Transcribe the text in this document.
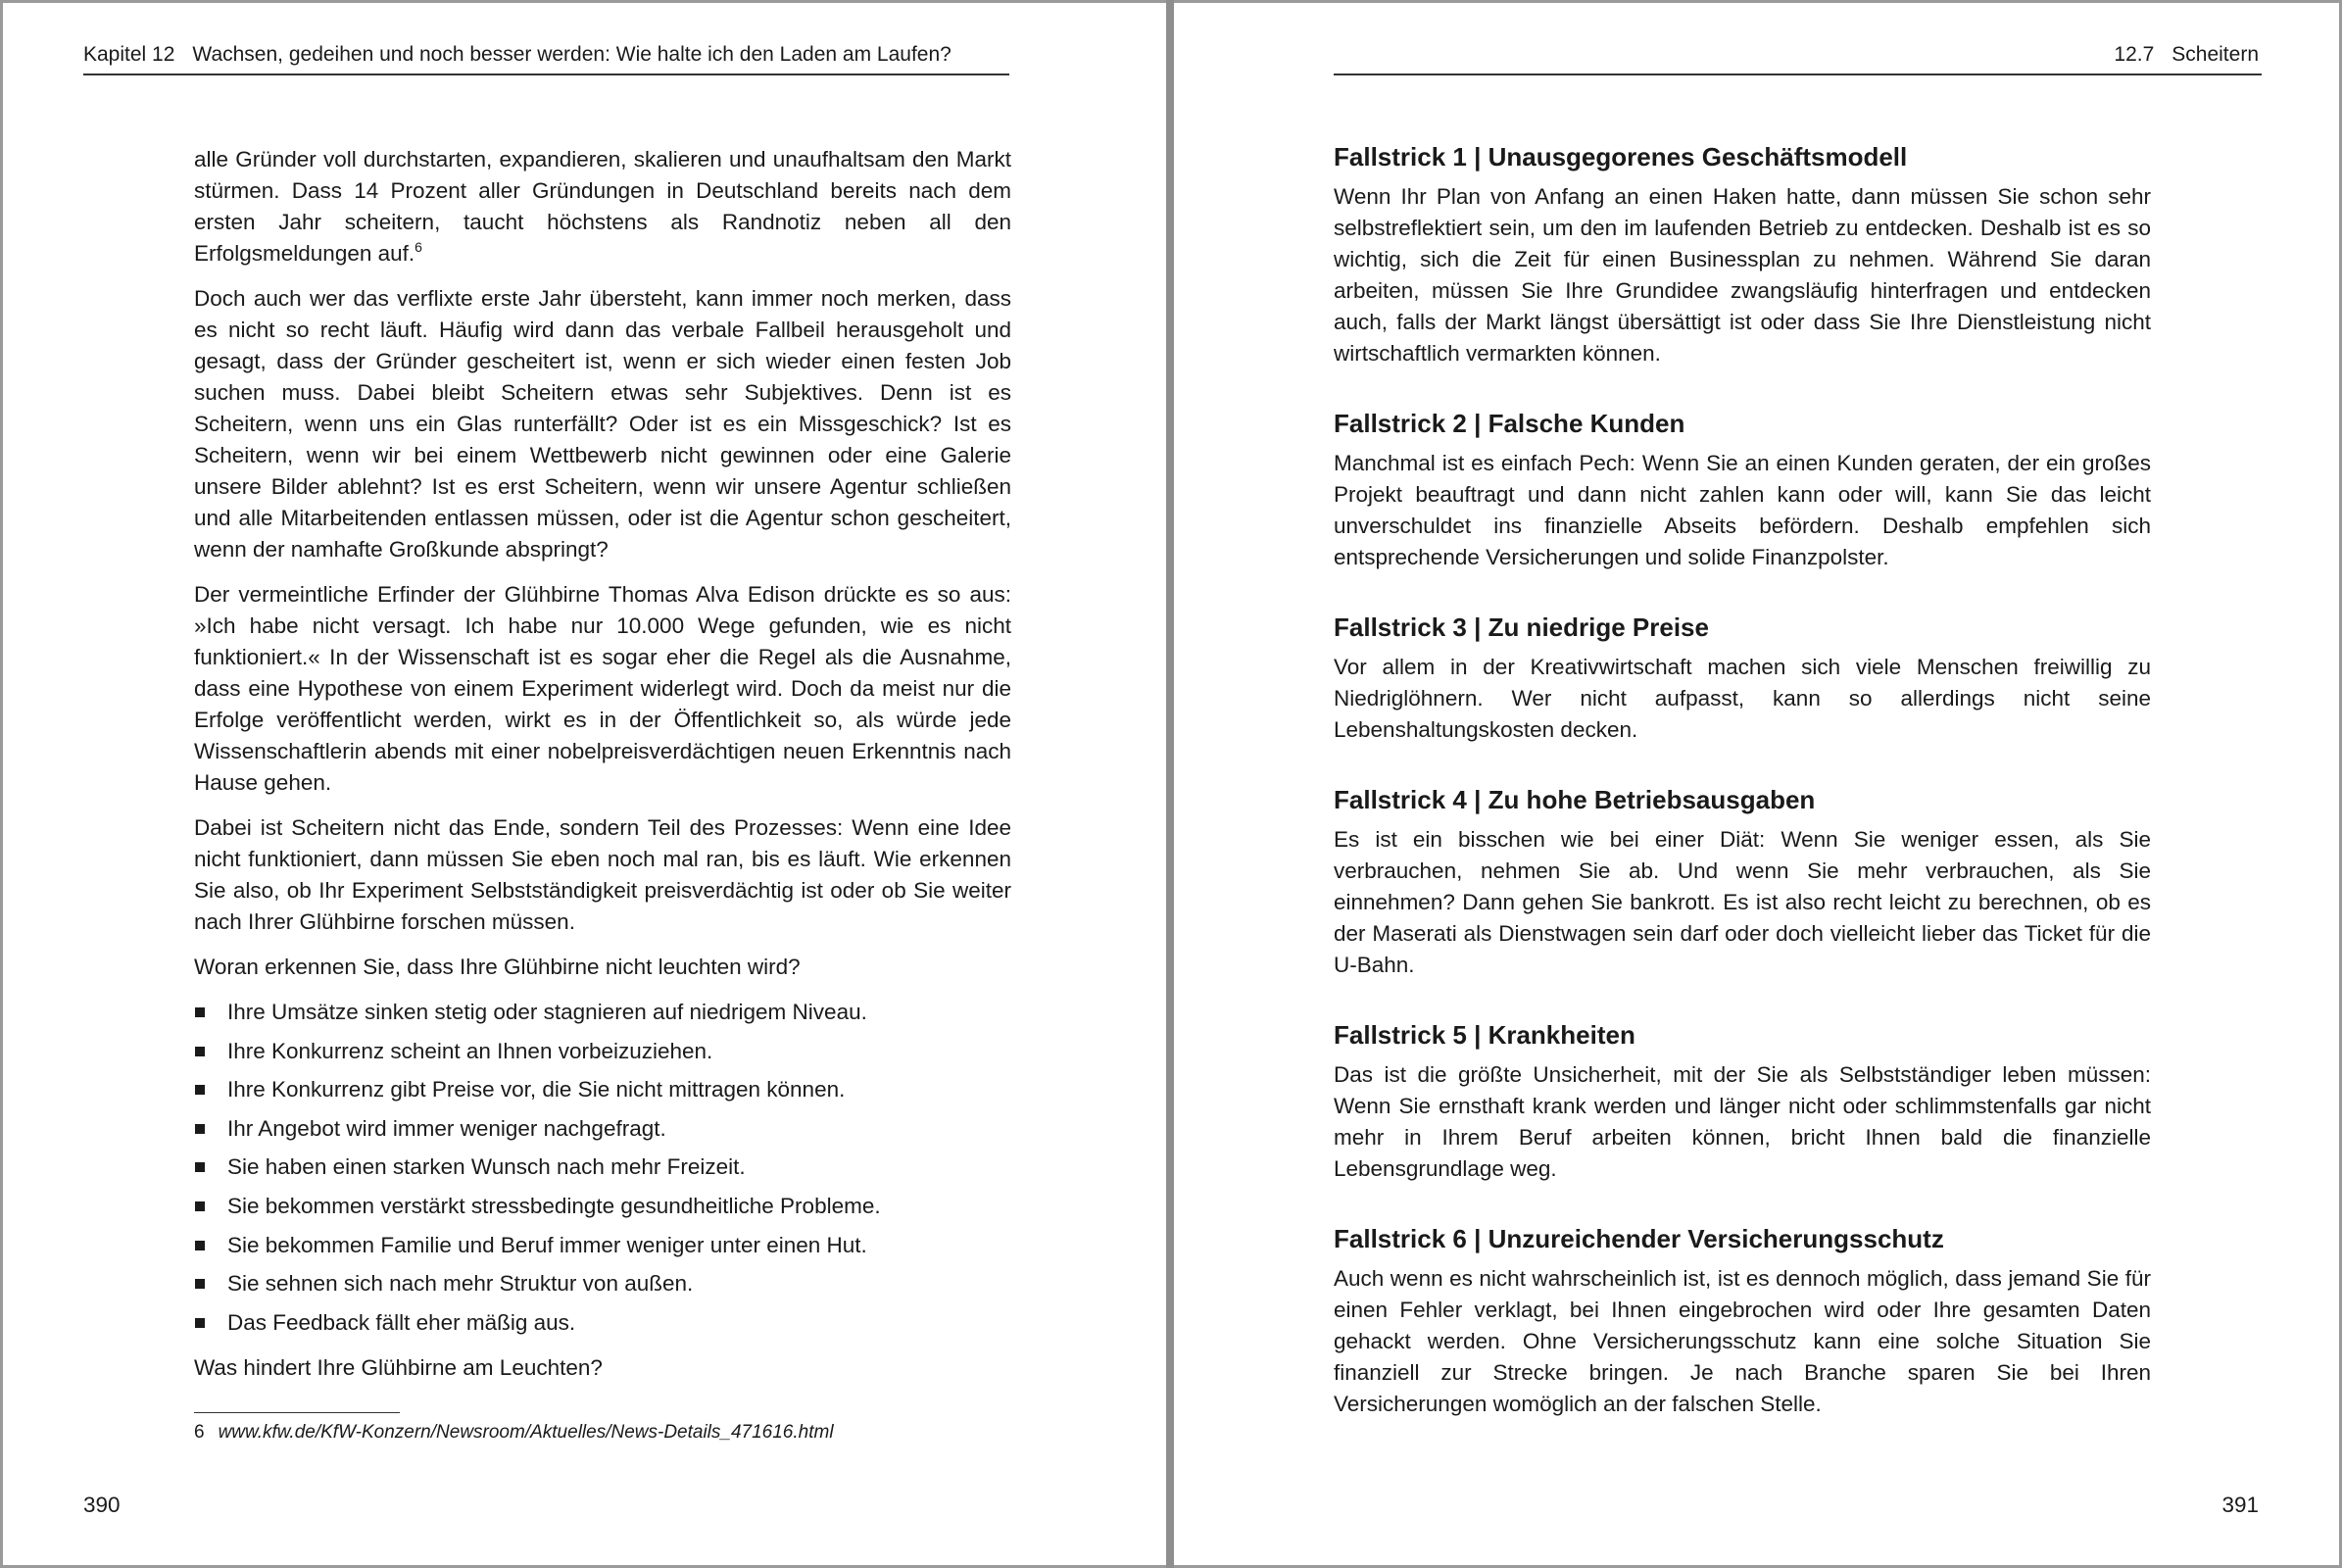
Kapitel 12 Wachsen, gedeihen und noch besser werden: Wie halte ich den Laden am Laufen?

alle Gründer voll durchstarten, expandieren, skalieren und unaufhaltsam den Markt stürmen. Dass 14 Prozent aller Gründungen in Deutschland bereits nach dem ersten Jahr scheitern, taucht höchstens als Randnotiz neben all den Erfolgsmeldungen auf.$^6$

Doch auch wer das verflixte erste Jahr übersteht, kann immer noch merken, dass es nicht so recht läuft. Häufig wird dann das verbale Fallbeil herausgeholt und gesagt, dass der Gründer gescheitert ist, wenn er sich wieder einen festen Job suchen muss. Dabei bleibt Scheitern etwas sehr Subjektives. Denn ist es Scheitern, wenn uns ein Glas runterfällt? Oder ist es ein Missgeschick? Ist es Scheitern, wenn wir bei einem Wettbewerb nicht gewinnen oder eine Galerie unsere Bilder ablehnt? Ist es erst Scheitern, wenn wir unsere Agentur schließen und alle Mitarbeitenden entlassen müssen, oder ist die Agentur schon gescheitert, wenn der namhafte Großkunde abspringt?

Der vermeintliche Erfinder der Glühbirne Thomas Alva Edison drückte es so aus: »Ich habe nicht versagt. Ich habe nur 10.000 Wege gefunden, wie es nicht funktioniert.« In der Wissenschaft ist es sogar eher die Regel als die Ausnahme, dass eine Hypothese von einem Experiment widerlegt wird. Doch da meist nur die Erfolge veröffentlicht werden, wirkt es in der Öffentlichkeit so, als würde jede Wissenschaftlerin abends mit einer nobelpreisverdächtigen neuen Erkenntnis nach Hause gehen.

Dabei ist Scheitern nicht das Ende, sondern Teil des Prozesses: Wenn eine Idee nicht funktioniert, dann müssen Sie eben noch mal ran, bis es läuft. Wie erkennen Sie also, ob Ihr Experiment Selbstständigkeit preisverdächtig ist oder ob Sie weiter nach Ihrer Glühbirne forschen müssen.

Woran erkennen Sie, dass Ihre Glühbirne nicht leuchten wird?

Ihre Umsätze sinken stetig oder stagnieren auf niedrigem Niveau.
Ihre Konkurrenz scheint an Ihnen vorbeizuziehen.
Ihre Konkurrenz gibt Preise vor, die Sie nicht mittragen können.
Ihr Angebot wird immer weniger nachgefragt.
Sie haben einen starken Wunsch nach mehr Freizeit.
Sie bekommen verstärkt stressbedingte gesundheitliche Probleme.
Sie bekommen Familie und Beruf immer weniger unter einen Hut.
Sie sehnen sich nach mehr Struktur von außen.
Das Feedback fällt eher mäßig aus.

Was hindert Ihre Glühbirne am Leuchten?

6 www.kfw.de/KfW-Konzern/Newsroom/Aktuelles/News-Details_471616.html
390
12.7 Scheitern
Fallstrick 1 | Unausgegorenes Geschäftsmodell

Wenn Ihr Plan von Anfang an einen Haken hatte, dann müssen Sie schon sehr selbstreflektiert sein, um den im laufenden Betrieb zu entdecken. Deshalb ist es so wichtig, sich die Zeit für einen Businessplan zu nehmen. Während Sie daran arbeiten, müssen Sie Ihre Grundidee zwangsläufig hinterfragen und entdecken auch, falls der Markt längst übersättigt ist oder dass Sie Ihre Dienstleistung nicht wirtschaftlich vermarkten können.

Fallstrick 2 | Falsche Kunden

Manchmal ist es einfach Pech: Wenn Sie an einen Kunden geraten, der ein großes Projekt beauftragt und dann nicht zahlen kann oder will, kann Sie das leicht unverschuldet ins finanzielle Abseits befördern. Deshalb empfehlen sich entsprechende Versicherungen und solide Finanzpolster.

Fallstrick 3 | Zu niedrige Preise

Vor allem in der Kreativwirtschaft machen sich viele Menschen freiwillig zu Niedriglöhnern. Wer nicht aufpasst, kann so allerdings nicht seine Lebenshaltungskosten decken.

Fallstrick 4 | Zu hohe Betriebsausgaben

Es ist ein bisschen wie bei einer Diät: Wenn Sie weniger essen, als Sie verbrauchen, nehmen Sie ab. Und wenn Sie mehr verbrauchen, als Sie einnehmen? Dann gehen Sie bankrott. Es ist also recht leicht zu berechnen, ob es der Maserati als Dienstwagen sein darf oder doch vielleicht lieber das Ticket für die U-Bahn.

Fallstrick 5 | Krankheiten

Das ist die größte Unsicherheit, mit der Sie als Selbstständiger leben müssen: Wenn Sie ernsthaft krank werden und länger nicht oder schlimmstenfalls gar nicht mehr in Ihrem Beruf arbeiten können, bricht Ihnen bald die finanzielle Lebensgrundlage weg.

Fallstrick 6 | Unzureichender Versicherungsschutz

Auch wenn es nicht wahrscheinlich ist, ist es dennoch möglich, dass jemand Sie für einen Fehler verklagt, bei Ihnen eingebrochen wird oder Ihre gesamten Daten gehackt werden. Ohne Versicherungsschutz kann eine solche Situation Sie finanziell zur Strecke bringen. Je nach Branche sparen Sie bei Ihren Versicherungen womöglich an der falschen Stelle.

391
